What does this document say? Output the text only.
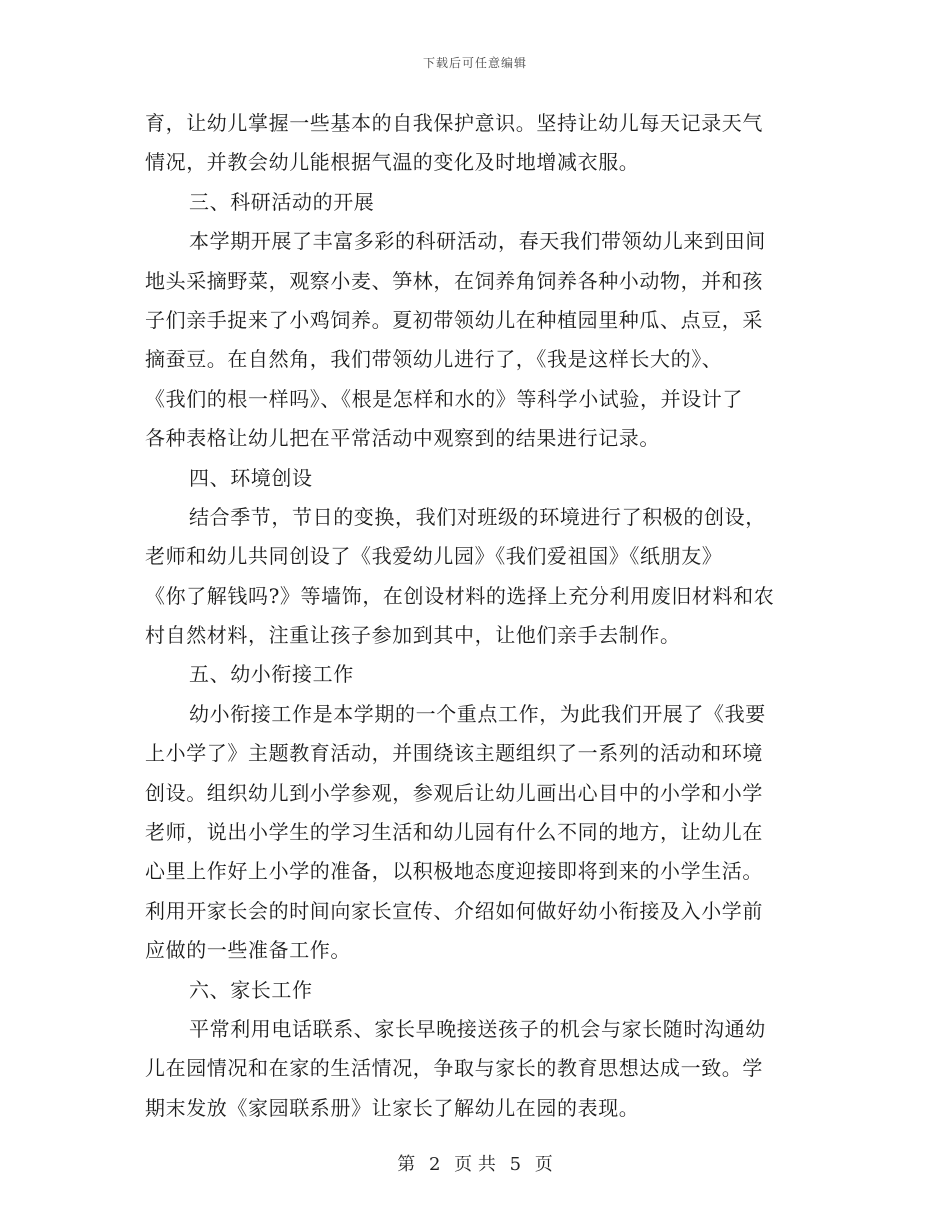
下载后可任意编辑
育，让幼儿掌握一些基本的自我保护意识。坚持让幼儿每天记录天气
情况，并教会幼儿能根据气温的变化及时地增减衣服。
三、科研活动的开展
本学期开展了丰富多彩的科研活动，春天我们带领幼儿来到田间
地头采摘野菜，观察小麦、笋林，在饲养角饲养各种小动物，并和孩
子们亲手捉来了小鸡饲养。夏初带领幼儿在种植园里种瓜、点豆，采
摘蚕豆。在自然角，我们带领幼儿进行了，《我是这样长大的》、
《我们的根一样吗》、《根是怎样和水的》等科学小试验，并设计了
各种表格让幼儿把在平常活动中观察到的结果进行记录。
四、环境创设
结合季节，节日的变换，我们对班级的环境进行了积极的创设，
老师和幼儿共同创设了《我爱幼儿园》《我们爱祖国》《纸朋友》
《你了解钱吗?》等墙饰，在创设材料的选择上充分利用废旧材料和农
村自然材料，注重让孩子参加到其中，让他们亲手去制作。
五、幼小衔接工作
幼小衔接工作是本学期的一个重点工作，为此我们开展了《我要
上小学了》主题教育活动，并围绕该主题组织了一系列的活动和环境
创设。组织幼儿到小学参观，参观后让幼儿画出心目中的小学和小学
老师，说出小学生的学习生活和幼儿园有什么不同的地方，让幼儿在
心里上作好上小学的准备，以积极地态度迎接即将到来的小学生活。
利用开家长会的时间向家长宣传、介绍如何做好幼小衔接及入小学前
应做的一些准备工作。
六、家长工作
平常利用电话联系、家长早晚接送孩子的机会与家长随时沟通幼
儿在园情况和在家的生活情况，争取与家长的教育思想达成一致。学
期末发放《家园联系册》让家长了解幼儿在园的表现。
第 2 页 共 5 页
